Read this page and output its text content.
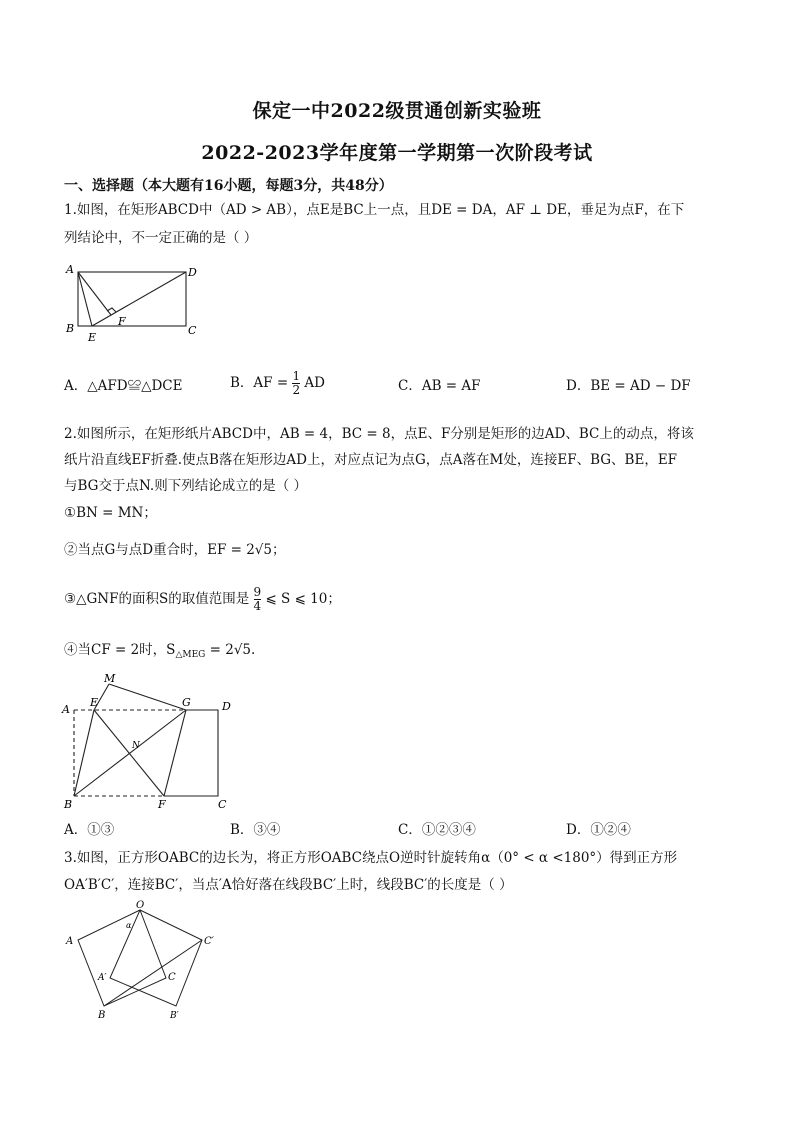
保定一中2022级贯通创新实验班
2022-2023学年度第一学期第一次阶段考试
一、选择题（本大题有16小题，每题3分，共48分）
1.如图，在矩形ABCD中（AD > AB），点E是BC上一点，且DE = DA，AF ⊥ DE，垂足为点F，在下
列结论中，不一定正确的是（ ）
A	D
B
E
F
C
A．△AFD≌△DCE	B．AF = $\frac{1}{2}$ AD	C．AB = AF	D．BE = AD − DF
2.如图所示，在矩形纸片ABCD中，AB = 4，BC = 8，点E、F分别是矩形的边AD、BC上的动点，将该
纸片沿直线EF折叠.使点B落在矩形边AD上，对应点记为点G，点A落在M处，连接EF、BG、BE，EF
与BG交于点N.则下列结论成立的是（ ）
①BN = MN；
②当点G与点D重合时，EF = 2√5；
③△GNF的面积S的取值范围是 $\frac{9}{4}$ ⩽ S ⩽ 10；
④当CF = 2时，$S_{\triangle MEG} = 2√5$.
M
E	G	D
A
N
B	F	C
A．①③	B．③④	C．①②③④	D．①②④
3.如图，正方形OABC的边长为，将正方形OABC绕点O逆时针旋转角α（0° < α <180°）得到正方形
OA′B′C′，连接BC′，当点′A恰好落在线段BC′上时，线段BC′的长度是（ ）
O
α
A	C′
A′	C
B	B′
